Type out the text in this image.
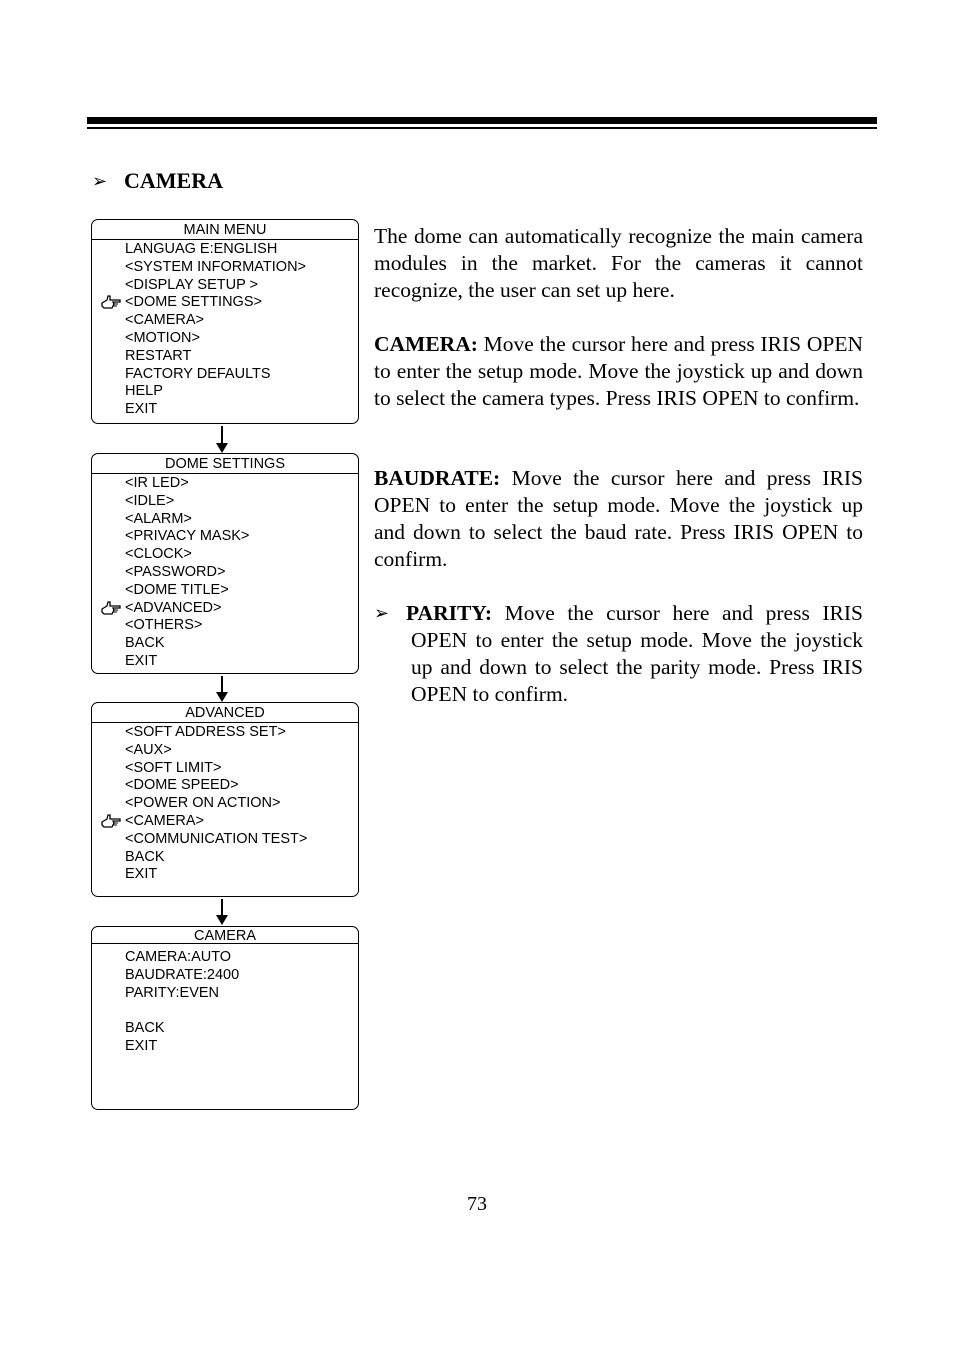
➢ CAMERA
MAIN MENU
LANGUAG E:ENGLISH
<SYSTEM INFORMATION>
<DISPLAY SETUP >
<DOME SETTINGS>
<CAMERA>
<MOTION>
RESTART
FACTORY DEFAULTS
HELP
EXIT
DOME SETTINGS
<IR LED>
<IDLE>
<ALARM>
<PRIVACY MASK>
<CLOCK>
<PASSWORD>
<DOME TITLE>
<ADVANCED>
<OTHERS>
BACK
EXIT
ADVANCED
<SOFT ADDRESS SET>
<AUX>
<SOFT LIMIT>
<DOME SPEED>
<POWER ON ACTION>
<CAMERA>
<COMMUNICATION TEST>
BACK
EXIT
CAMERA
CAMERA:AUTO
BAUDRATE:2400
PARITY:EVEN
BACK
EXIT

The dome can automatically recognize the main camera modules in the market. For the cameras it cannot recognize, the user can set up here.

CAMERA: Move the cursor here and press IRIS OPEN to enter the setup mode. Move the joystick up and down to select the camera types. Press IRIS OPEN to confirm.

BAUDRATE: Move the cursor here and press IRIS OPEN to enter the setup mode. Move the joystick up and down to select the baud rate. Press IRIS OPEN to confirm.

➢ PARITY: Move the cursor here and press IRIS OPEN to enter the setup mode. Move the joystick up and down to select the parity mode. Press IRIS OPEN to confirm.

73
